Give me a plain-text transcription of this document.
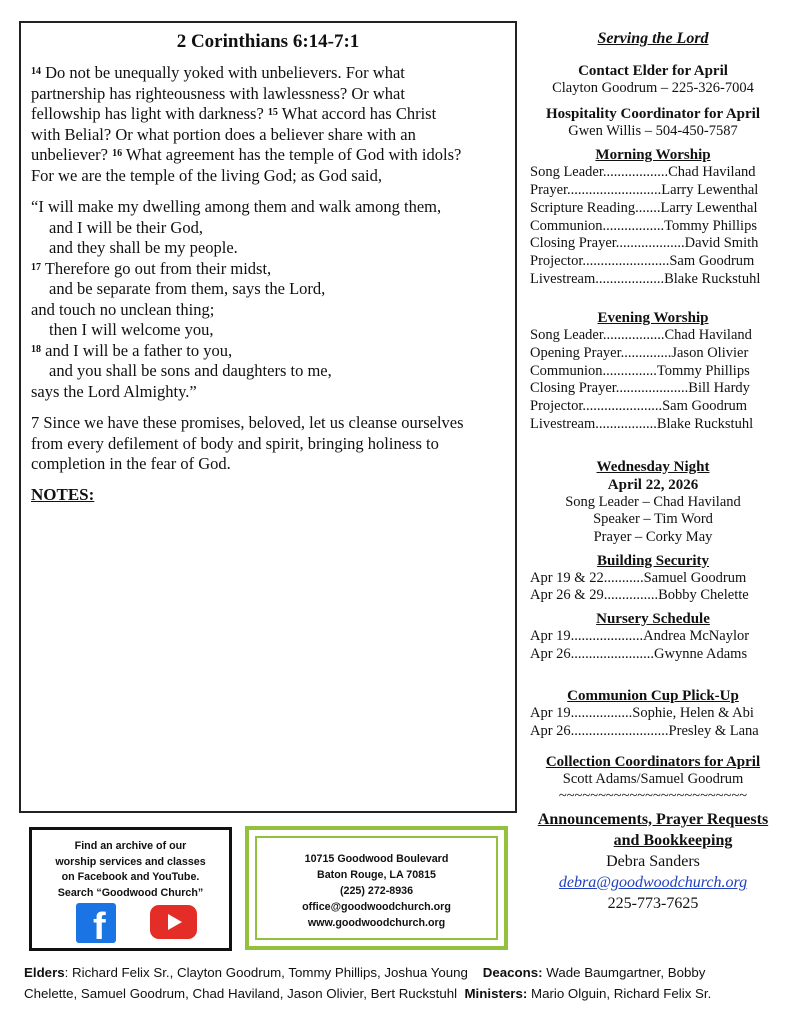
2 Corinthians 6:14-7:1

$^{14}$ Do not be unequally yoked with unbelievers. For what

partnership has righteousness with lawlessness? Or what

fellowship has light with darkness? $^{15}$ What accord has Christ

with Belial? Or what portion does a believer share with an

unbeliever? $^{16}$ What agreement has the temple of God with idols?

For we are the temple of the living God; as God said,

“I will make my dwelling among them and walk among them,

and I will be their God,

and they shall be my people.

$^{17}$ Therefore go out from their midst,

and be separate from them, says the Lord,

and touch no unclean thing;

then I will welcome you,

$^{18}$ and I will be a father to you,

and you shall be sons and daughters to me,

says the Lord Almighty.”

7 Since we have these promises, beloved, let us cleanse ourselves

from every defilement of body and spirit, bringing holiness to

completion in the fear of God.

NOTES:
Serving the Lord
Contact Elder for April
Clayton Goodrum – 225-326-7004
Hospitality Coordinator for April
Gwen Willis – 504-450-7587
Morning Worship
Song Leader..................Chad Haviland
Prayer..........................Larry Lewenthal
Scripture Reading.......Larry Lewenthal
Communion.................Tommy Phillips
Closing Prayer...................David Smith
Projector........................Sam Goodrum
Livestream...................Blake Ruckstuhl
Evening Worship
Song Leader.................Chad Haviland
Opening Prayer..............Jason Olivier
Communion...............Tommy Phillips
Closing Prayer....................Bill Hardy
Projector......................Sam Goodrum
Livestream.................Blake Ruckstuhl
Wednesday Night
April 22, 2026
Song Leader – Chad Haviland
Speaker – Tim Word
Prayer – Corky May
Building Security
Apr 19 & 22...........Samuel Goodrum
Apr 26 & 29...............Bobby Chelette
Nursery Schedule
Apr 19....................Andrea McNaylor
Apr 26.......................Gwynne Adams
Communion Cup Plick-Up
Apr 19.................Sophie, Helen & Abi
Apr 26...........................Presley & Lana
Collection Coordinators for April
Scott Adams/Samuel Goodrum
~~~~~~~~~~~~~~~~~~~~~~~~
Announcements, Prayer Requests
and Bookkeeping
Debra Sanders
debra@goodwoodchurch.org
225-773-7625
Find an archive of our
worship services and classes
on Facebook and YouTube.
Search “Goodwood Church”
f
10715 Goodwood Boulevard
Baton Rouge, LA 70815
(225) 272-8936
office@goodwoodchurch.org
www.goodwoodchurch.org
Elders: Richard Felix Sr., Clayton Goodrum, Tommy Phillips, Joshua Young Deacons: Wade Baumgartner, Bobby
Chelette, Samuel Goodrum, Chad Haviland, Jason Olivier, Bert Ruckstuhl Ministers: Mario Olguin, Richard Felix Sr.
